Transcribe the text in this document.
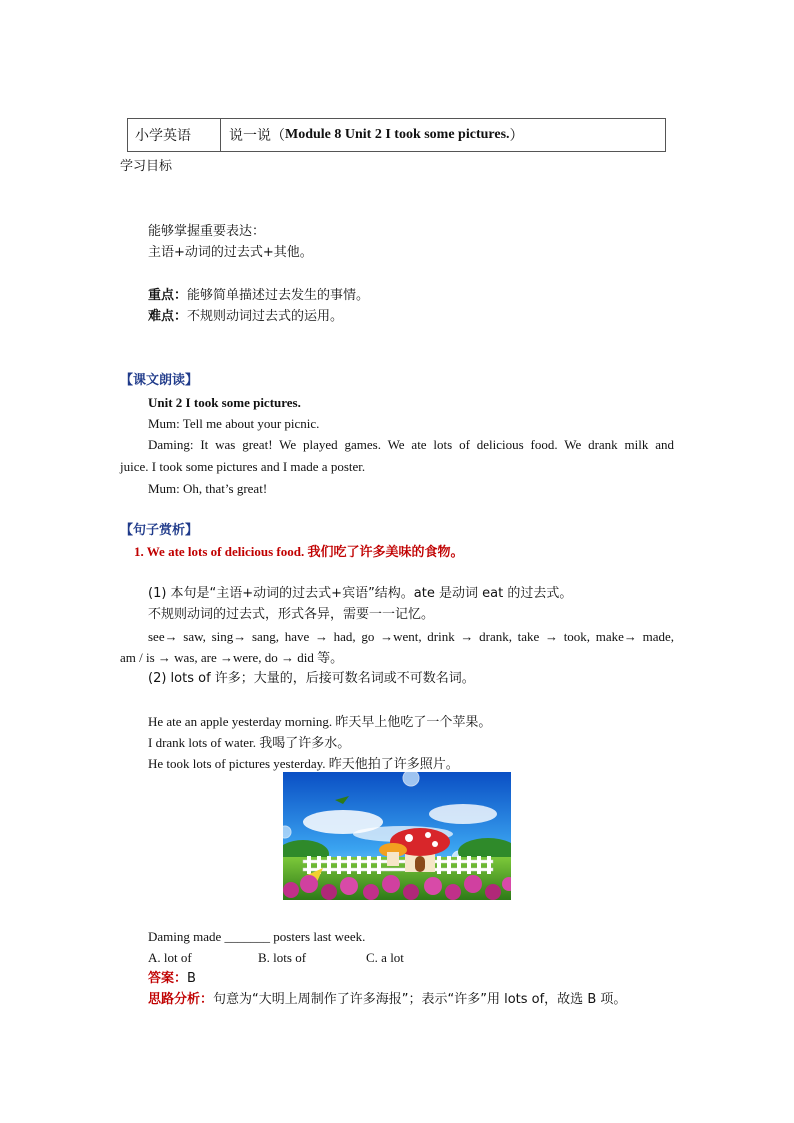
小学英语	说一说（ Module 8 Unit 2 I took some pictures. ）
学习目标
能够掌握重要表达：
主语+动词的过去式+其他。
重点：能够简单描述过去发生的事情。
难点：不规则动词过去式的运用。
【课文朗读】
Unit 2 I took some pictures.
Mum: Tell me about your picnic.
Daming: It was great! We played games. We ate lots of delicious food. We drank milk and
juice. I took some pictures and I made a poster.
Mum: Oh, that’s great!
【句子赏析】
1. We ate lots of delicious food. 我们吃了许多美味的食物。
(1) 本句是“主语+动词的过去式+宾语”结构。ate 是动词 eat 的过去式。
不规则动词的过去式，形式各异，需要一一记忆。
see→ saw, sing→ sang, have → had, go →went, drink → drank, take → took, make→ made,
am / is → was, are →were, do → did 等。
(2) lots of 许多；大量的，后接可数名词或不可数名词。
He ate an apple yesterday morning. 昨天早上他吃了一个苹果。
I drank lots of water. 我喝了许多水。
He took lots of pictures yesterday. 昨天他拍了许多照片。
Daming made _______ posters last week.
A. lot of	B. lots of	C. a lot
答案：B
思路分析：句意为“大明上周制作了许多海报”；表示“许多”用 lots of，故选 B 项。
